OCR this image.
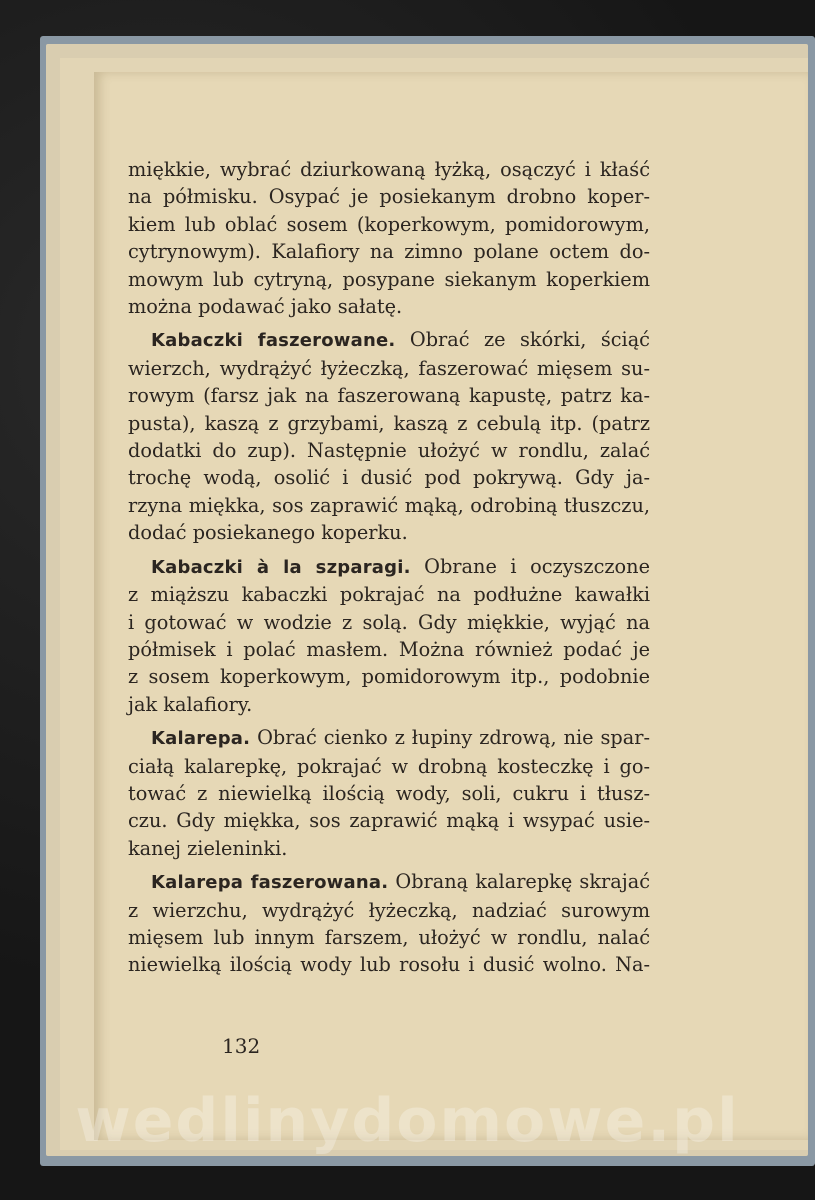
miękkie, wybrać dziurkowaną łyżką, osączyć i kłaść
na półmisku. Osypać je posiekanym drobno koper-
kiem lub oblać sosem (koperkowym, pomidorowym,
cytrynowym). Kalafiory na zimno polane octem do-
mowym lub cytryną, posypane siekanym koperkiem
można podawać jako sałatę.
Kabaczki faszerowane. Obrać ze skórki, ściąć
wierzch, wydrążyć łyżeczką, faszerować mięsem su-
rowym (farsz jak na faszerowaną kapustę, patrz ka-
pusta), kaszą z grzybami, kaszą z cebulą itp. (patrz
dodatki do zup). Następnie ułożyć w rondlu, zalać
trochę wodą, osolić i dusić pod pokrywą. Gdy ja-
rzyna miękka, sos zaprawić mąką, odrobiną tłuszczu,
dodać posiekanego koperku.
Kabaczki à la szparagi. Obrane i oczyszczone
z miąższu kabaczki pokrajać na podłużne kawałki
i gotować w wodzie z solą. Gdy miękkie, wyjąć na
półmisek i polać masłem. Można również podać je
z sosem koperkowym, pomidorowym itp., podobnie
jak kalafiory.
Kalarepa. Obrać cienko z łupiny zdrową, nie spar-
ciałą kalarepkę, pokrajać w drobną kosteczkę i go-
tować z niewielką ilością wody, soli, cukru i tłusz-
czu. Gdy miękka, sos zaprawić mąką i wsypać usie-
kanej zieleninki.
Kalarepa faszerowana. Obraną kalarepkę skrajać
z wierzchu, wydrążyć łyżeczką, nadziać surowym
mięsem lub innym farszem, ułożyć w rondlu, nalać
niewielką ilością wody lub rosołu i dusić wolno. Na-
132
wedlinydomowe.pl
